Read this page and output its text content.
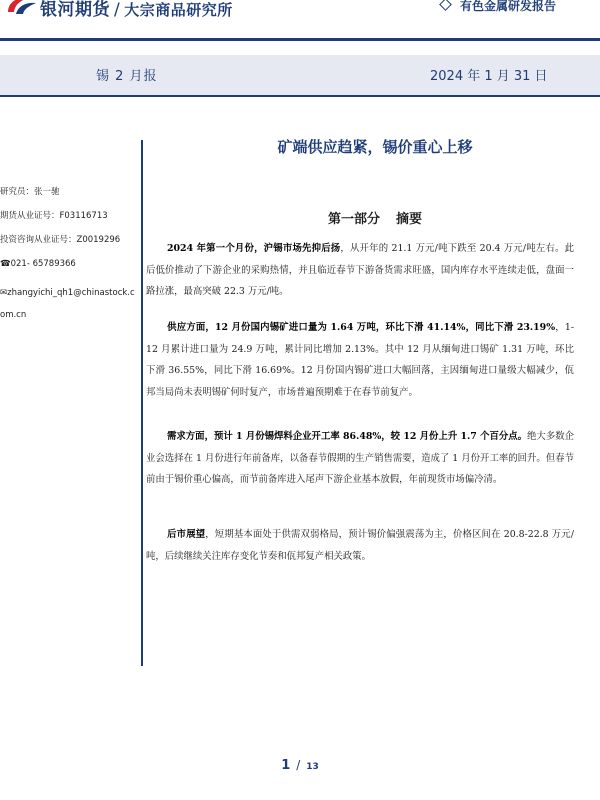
银河期货 / 大宗商品研究所	有色金属研发报告
锡 2 月报	2024 年 1 月 31 日
研究员：张一驰
期货从业证号：F03116713
投资咨询从业证号：Z0019296
☎021- 65789366
✉zhangyichi_qh1@chinastock.com.cn
矿端供应趋紧，锡价重心上移
第一部分 摘要

2024 年第一个月份，沪锡市场先抑后扬，从开年的 21.1 万元/吨下跌至 20.4 万元/吨左右。此后低价推动了下游企业的采购热情，并且临近春节下游备货需求旺盛，国内库存水平连续走低，盘面一路拉涨，最高突破 22.3 万元/吨。

供应方面，12 月份国内锡矿进口量为 1.64 万吨，环比下滑 41.14%，同比下滑 23.19%，1-12 月累计进口量为 24.9 万吨，累计同比增加 2.13%。其中 12 月从缅甸进口锡矿 1.31 万吨，环比下滑 36.55%，同比下滑 16.69%。12 月份国内锡矿进口大幅回落，主因缅甸进口量级大幅减少，佤邦当局尚未表明锡矿何时复产，市场普遍预期难于在春节前复产。

需求方面，预计 1 月份锡焊料企业开工率 86.48%，较 12 月份上升 1.7 个百分点。绝大多数企业会选择在 1 月份进行年前备库，以备春节假期的生产销售需要，造成了 1 月份开工率的回升。但春节前由于锡价重心偏高，而节前备库进入尾声下游企业基本放假，年前现货市场偏冷清。

后市展望，短期基本面处于供需双弱格局，预计锡价偏强震荡为主，价格区间在 20.8-22.8 万元/吨，后续继续关注库存变化节奏和佤邦复产相关政策。

1 / 13
